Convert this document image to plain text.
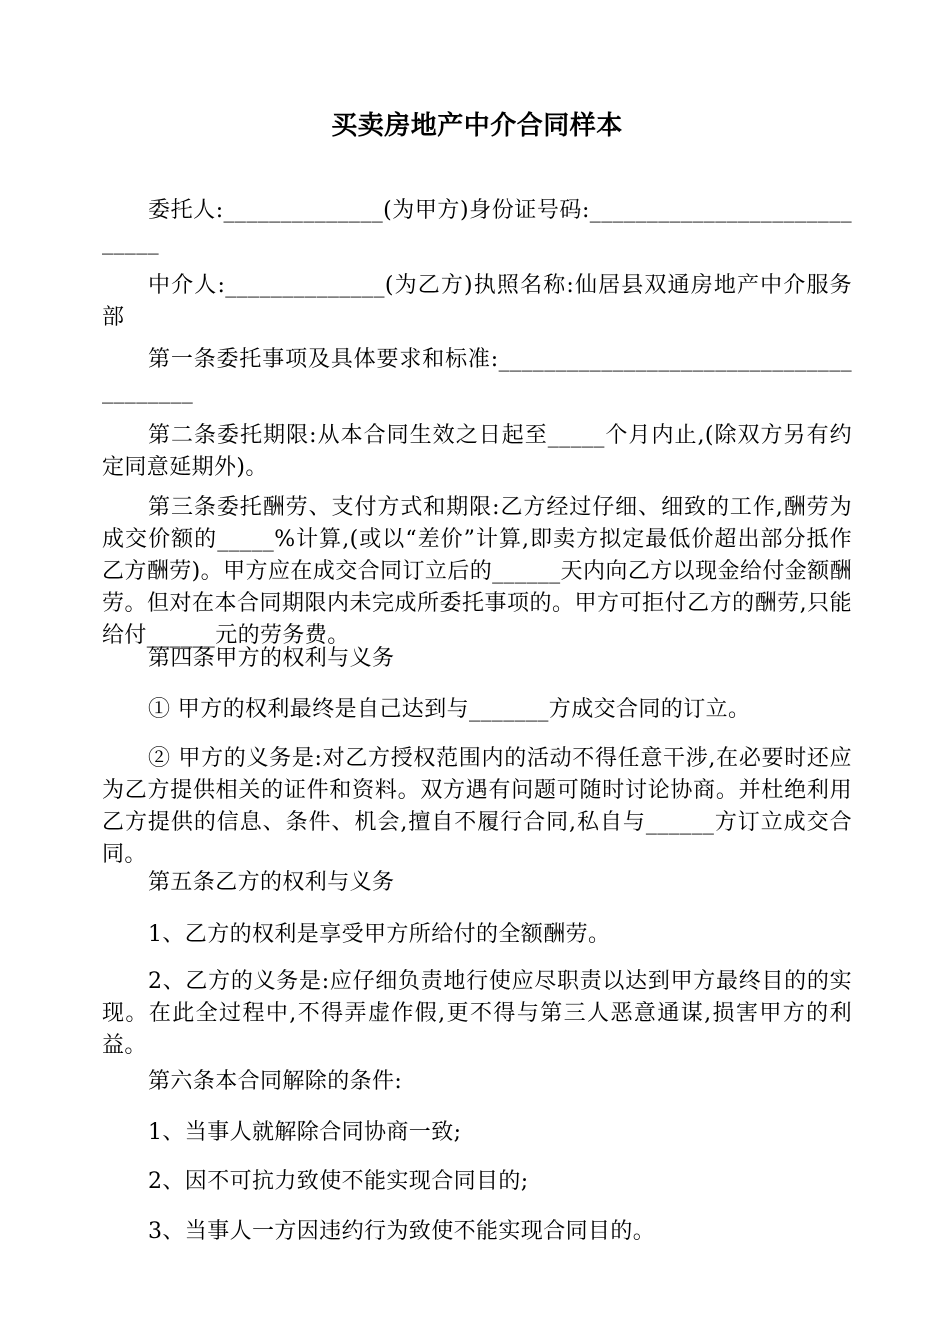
买卖房地产中介合同样本

委托人:______________(为甲方)身份证号码:____________________________

中介人:______________(为乙方)执照名称:仙居县双通房地产中介服务部

第一条委托事项及具体要求和标准:_______________________________________

第二条委托期限:从本合同生效之日起至_____个月内止,(除双方另有约定同意延期外)。

第三条委托酬劳、支付方式和期限:乙方经过仔细、细致的工作,酬劳为成交价额的_____%计算,(或以“差价”计算,即卖方拟定最低价超出部分抵作乙方酬劳)。甲方应在成交合同订立后的______天内向乙方以现金给付金额酬劳。但对在本合同期限内未完成所委托事项的。甲方可拒付乙方的酬劳,只能给付______元的劳务费。

第四条甲方的权利与义务

① 甲方的权利最终是自己达到与_______方成交合同的订立。

② 甲方的义务是:对乙方授权范围内的活动不得任意干涉,在必要时还应为乙方提供相关的证件和资料。双方遇有问题可随时讨论协商。并杜绝利用乙方提供的信息、条件、机会,擅自不履行合同,私自与______方订立成交合同。

第五条乙方的权利与义务

1、乙方的权利是享受甲方所给付的全额酬劳。

2、乙方的义务是:应仔细负责地行使应尽职责以达到甲方最终目的的实现。在此全过程中,不得弄虚作假,更不得与第三人恶意通谋,损害甲方的利益。

第六条本合同解除的条件:

1、当事人就解除合同协商一致;

2、因不可抗力致使不能实现合同目的;

3、当事人一方因违约行为致使不能实现合同目的。
